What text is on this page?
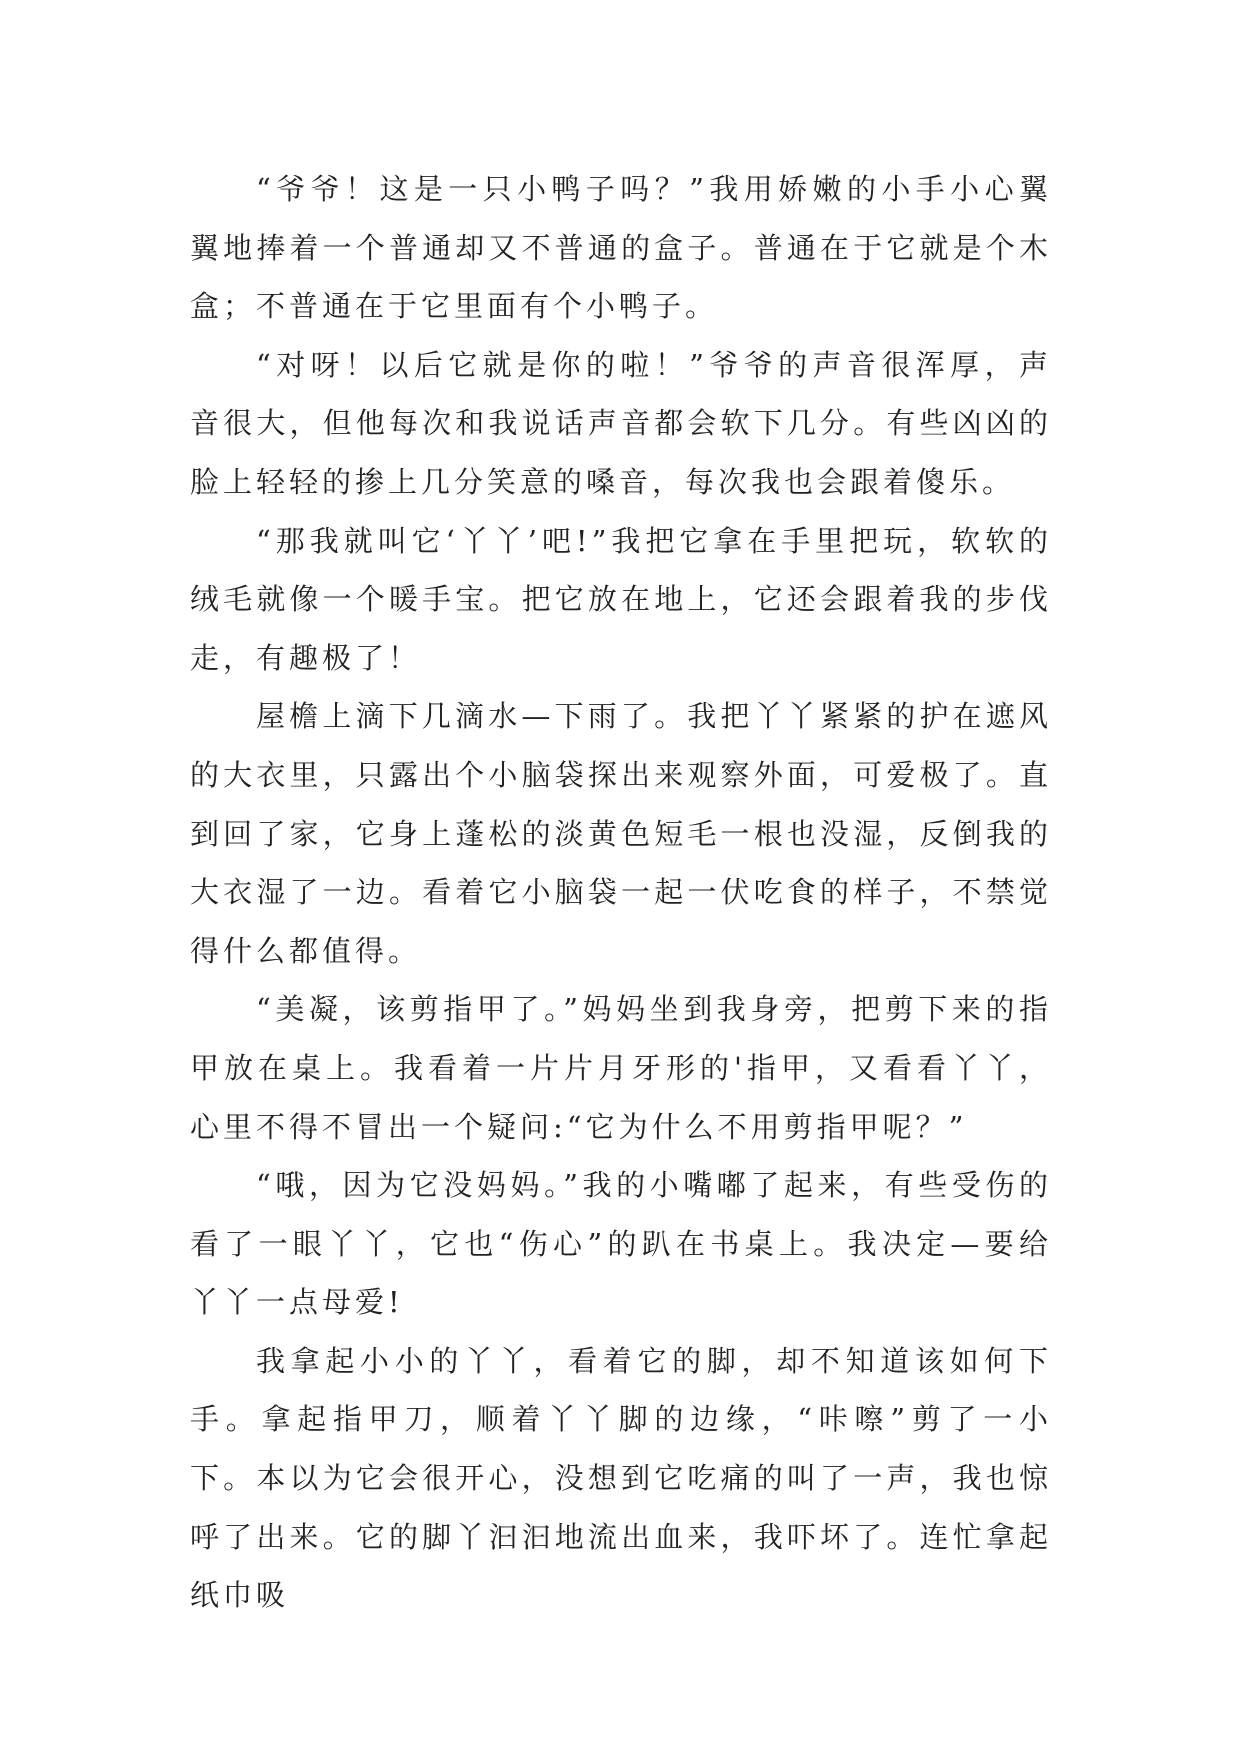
“爷爷！这是一只小鸭子吗？”我用娇嫩的小手小心翼翼地捧着一个普通却又不普通的盒子。普通在于它就是个木盒；不普通在于它里面有个小鸭子。

“对呀！以后它就是你的啦！”爷爷的声音很浑厚，声音很大，但他每次和我说话声音都会软下几分。有些凶凶的脸上轻轻的掺上几分笑意的嗓音，每次我也会跟着傻乐。

“那我就叫它‘丫丫’吧!”我把它拿在手里把玩，软软的绒毛就像一个暖手宝。把它放在地上，它还会跟着我的步伐走，有趣极了！

屋檐上滴下几滴水—下雨了。我把丫丫紧紧的护在遮风的大衣里，只露出个小脑袋探出来观察外面，可爱极了。直到回了家，它身上蓬松的淡黄色短毛一根也没湿，反倒我的大衣湿了一边。看着它小脑袋一起一伏吃食的样子，不禁觉得什么都值得。

“美凝，该剪指甲了。”妈妈坐到我身旁，把剪下来的指甲放在桌上。我看着一片片月牙形的'指甲，又看看丫丫，心里不得不冒出一个疑问:“它为什么不用剪指甲呢？”

“哦，因为它没妈妈。”我的小嘴嘟了起来，有些受伤的看了一眼丫丫，它也“伤心”的趴在书桌上。我决定—要给丫丫一点母爱!

我拿起小小的丫丫，看着它的脚，却不知道该如何下手。拿起指甲刀，顺着丫丫脚的边缘，“咔嚓”剪了一小下。本以为它会很开心，没想到它吃痛的叫了一声，我也惊呼了出来。它的脚丫汩汩地流出血来，我吓坏了。连忙拿起纸巾吸
